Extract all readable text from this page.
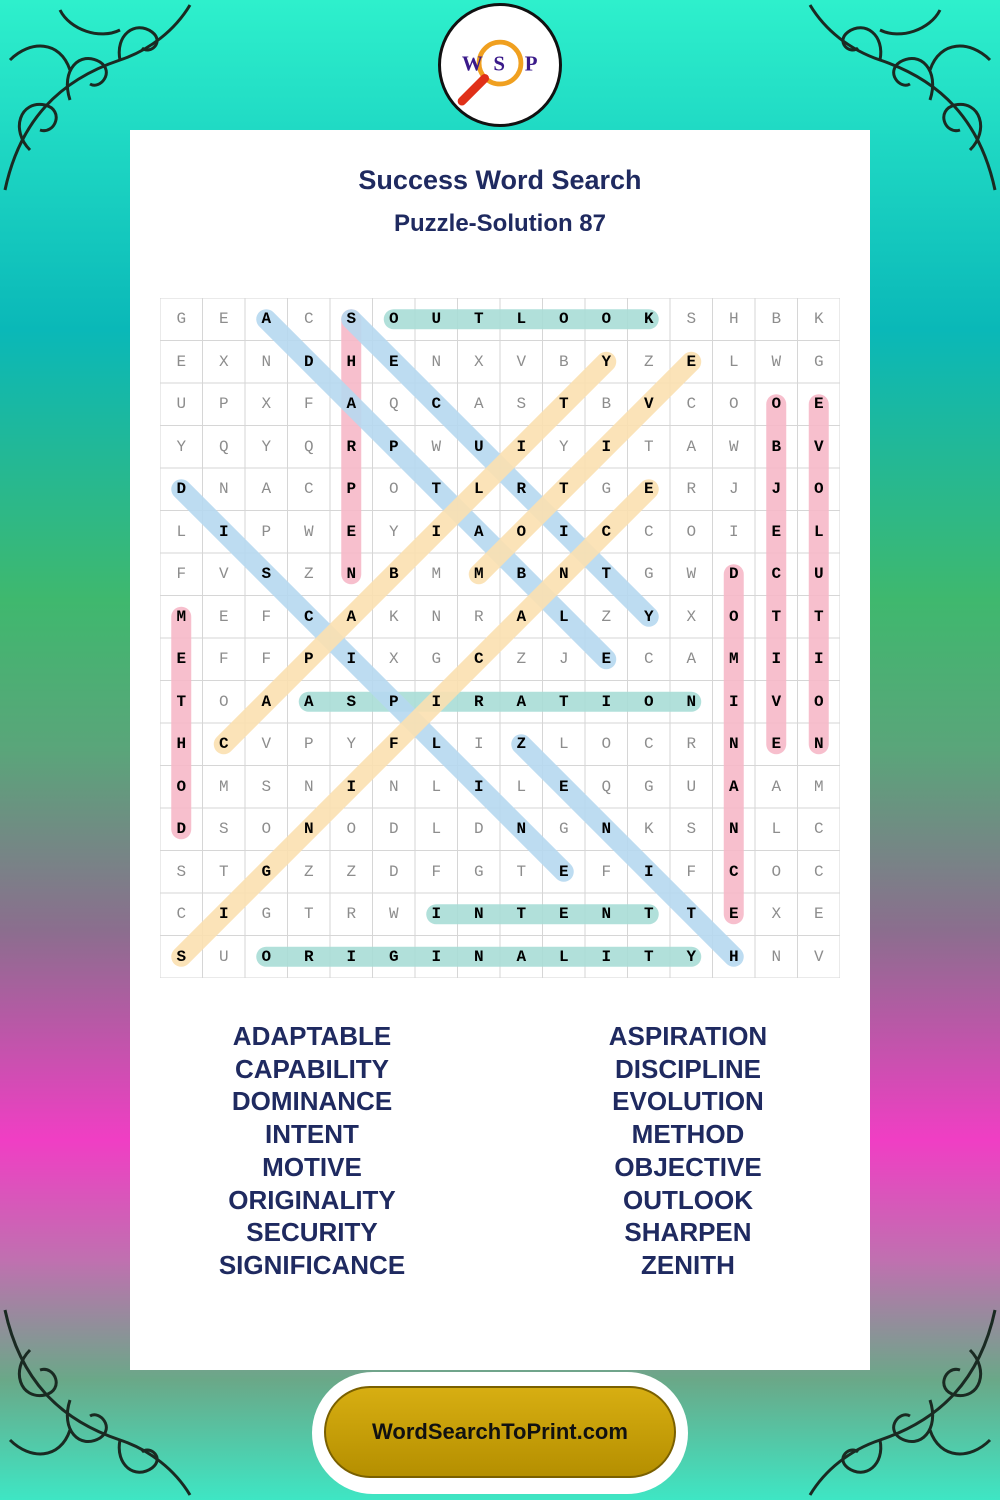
W S P
Success Word Search
Puzzle-Solution 87
G	E	A	C	S	O	U	T	L	O	O	K	S	H	B	K
E	X	N	D	H	E	N	X	V	B	Y	Z	E	L	W	G
U	P	X	F	A	Q	C	A	S	T	B	V	C	O	O	E
Y	Q	Y	Q	R	P	W	U	I	Y	I	T	A	W	B	V
D	N	A	C	P	O	T	L	R	T	G	E	R	J	J	O
L	I	P	W	E	Y	I	A	O	I	C	C	O	I	E	L
F	V	S	Z	N	B	M	M	B	N	T	G	W	D	C	U
M	E	F	C	A	K	N	R	A	L	Z	Y	X	O	T	T
E	F	F	P	I	X	G	C	Z	J	E	C	A	M	I	I
T	O	A	A	S	P	I	R	A	T	I	O	N	I	V	O
H	C	V	P	Y	F	L	I	Z	L	O	C	R	N	E	N
O	M	S	N	I	N	L	I	L	E	Q	G	U	A	A	M
D	S	O	N	O	D	L	D	N	G	N	K	S	N	L	C
S	T	G	Z	Z	D	F	G	T	E	F	I	F	C	O	C
C	I	G	T	R	W	I	N	T	E	N	T	T	E	X	E
S	U	O	R	I	G	I	N	A	L	I	T	Y	H	N	V
ADAPTABLE
CAPABILITY
DOMINANCE
INTENT
MOTIVE
ORIGINALITY
SECURITY
SIGNIFICANCE
ASPIRATION
DISCIPLINE
EVOLUTION
METHOD
OBJECTIVE
OUTLOOK
SHARPEN
ZENITH
WordSearchToPrint.com
